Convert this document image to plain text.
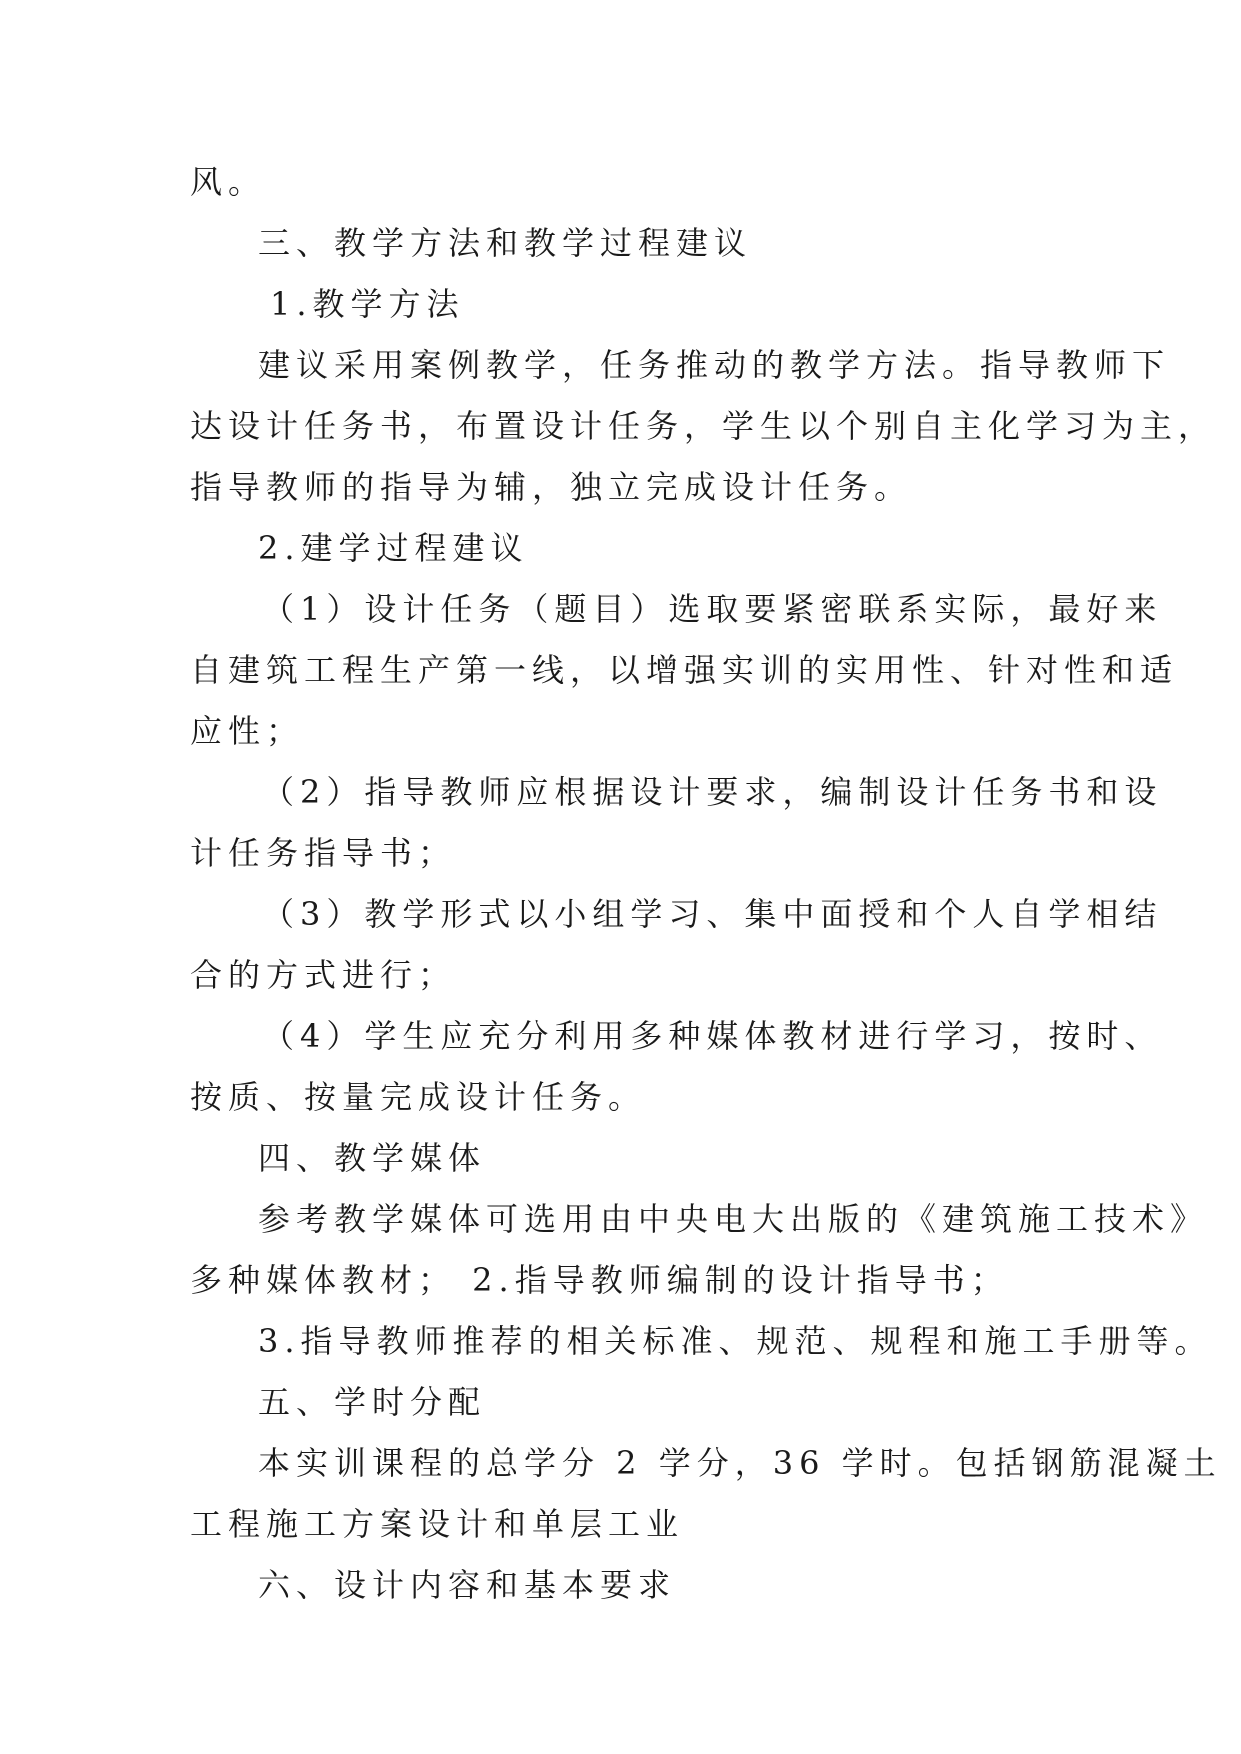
风。
三、教学方法和教学过程建议
1.教学方法
建议采用案例教学，任务推动的教学方法。指导教师下
达设计任务书，布置设计任务，学生以个别自主化学习为主，
指导教师的指导为辅，独立完成设计任务。
2.建学过程建议
（1）设计任务（题目）选取要紧密联系实际，最好来
自建筑工程生产第一线，以增强实训的实用性、针对性和适
应性；
（2）指导教师应根据设计要求，编制设计任务书和设
计任务指导书；
（3）教学形式以小组学习、集中面授和个人自学相结
合的方式进行；
（4）学生应充分利用多种媒体教材进行学习，按时、
按质、按量完成设计任务。
四、教学媒体
参考教学媒体可选用由中央电大出版的《建筑施工技术》
多种媒体教材； 2.指导教师编制的设计指导书；
3.指导教师推荐的相关标准、规范、规程和施工手册等。
五、学时分配
本实训课程的总学分 2 学分，36 学时。包括钢筋混凝土
工程施工方案设计和单层工业
六、设计内容和基本要求
